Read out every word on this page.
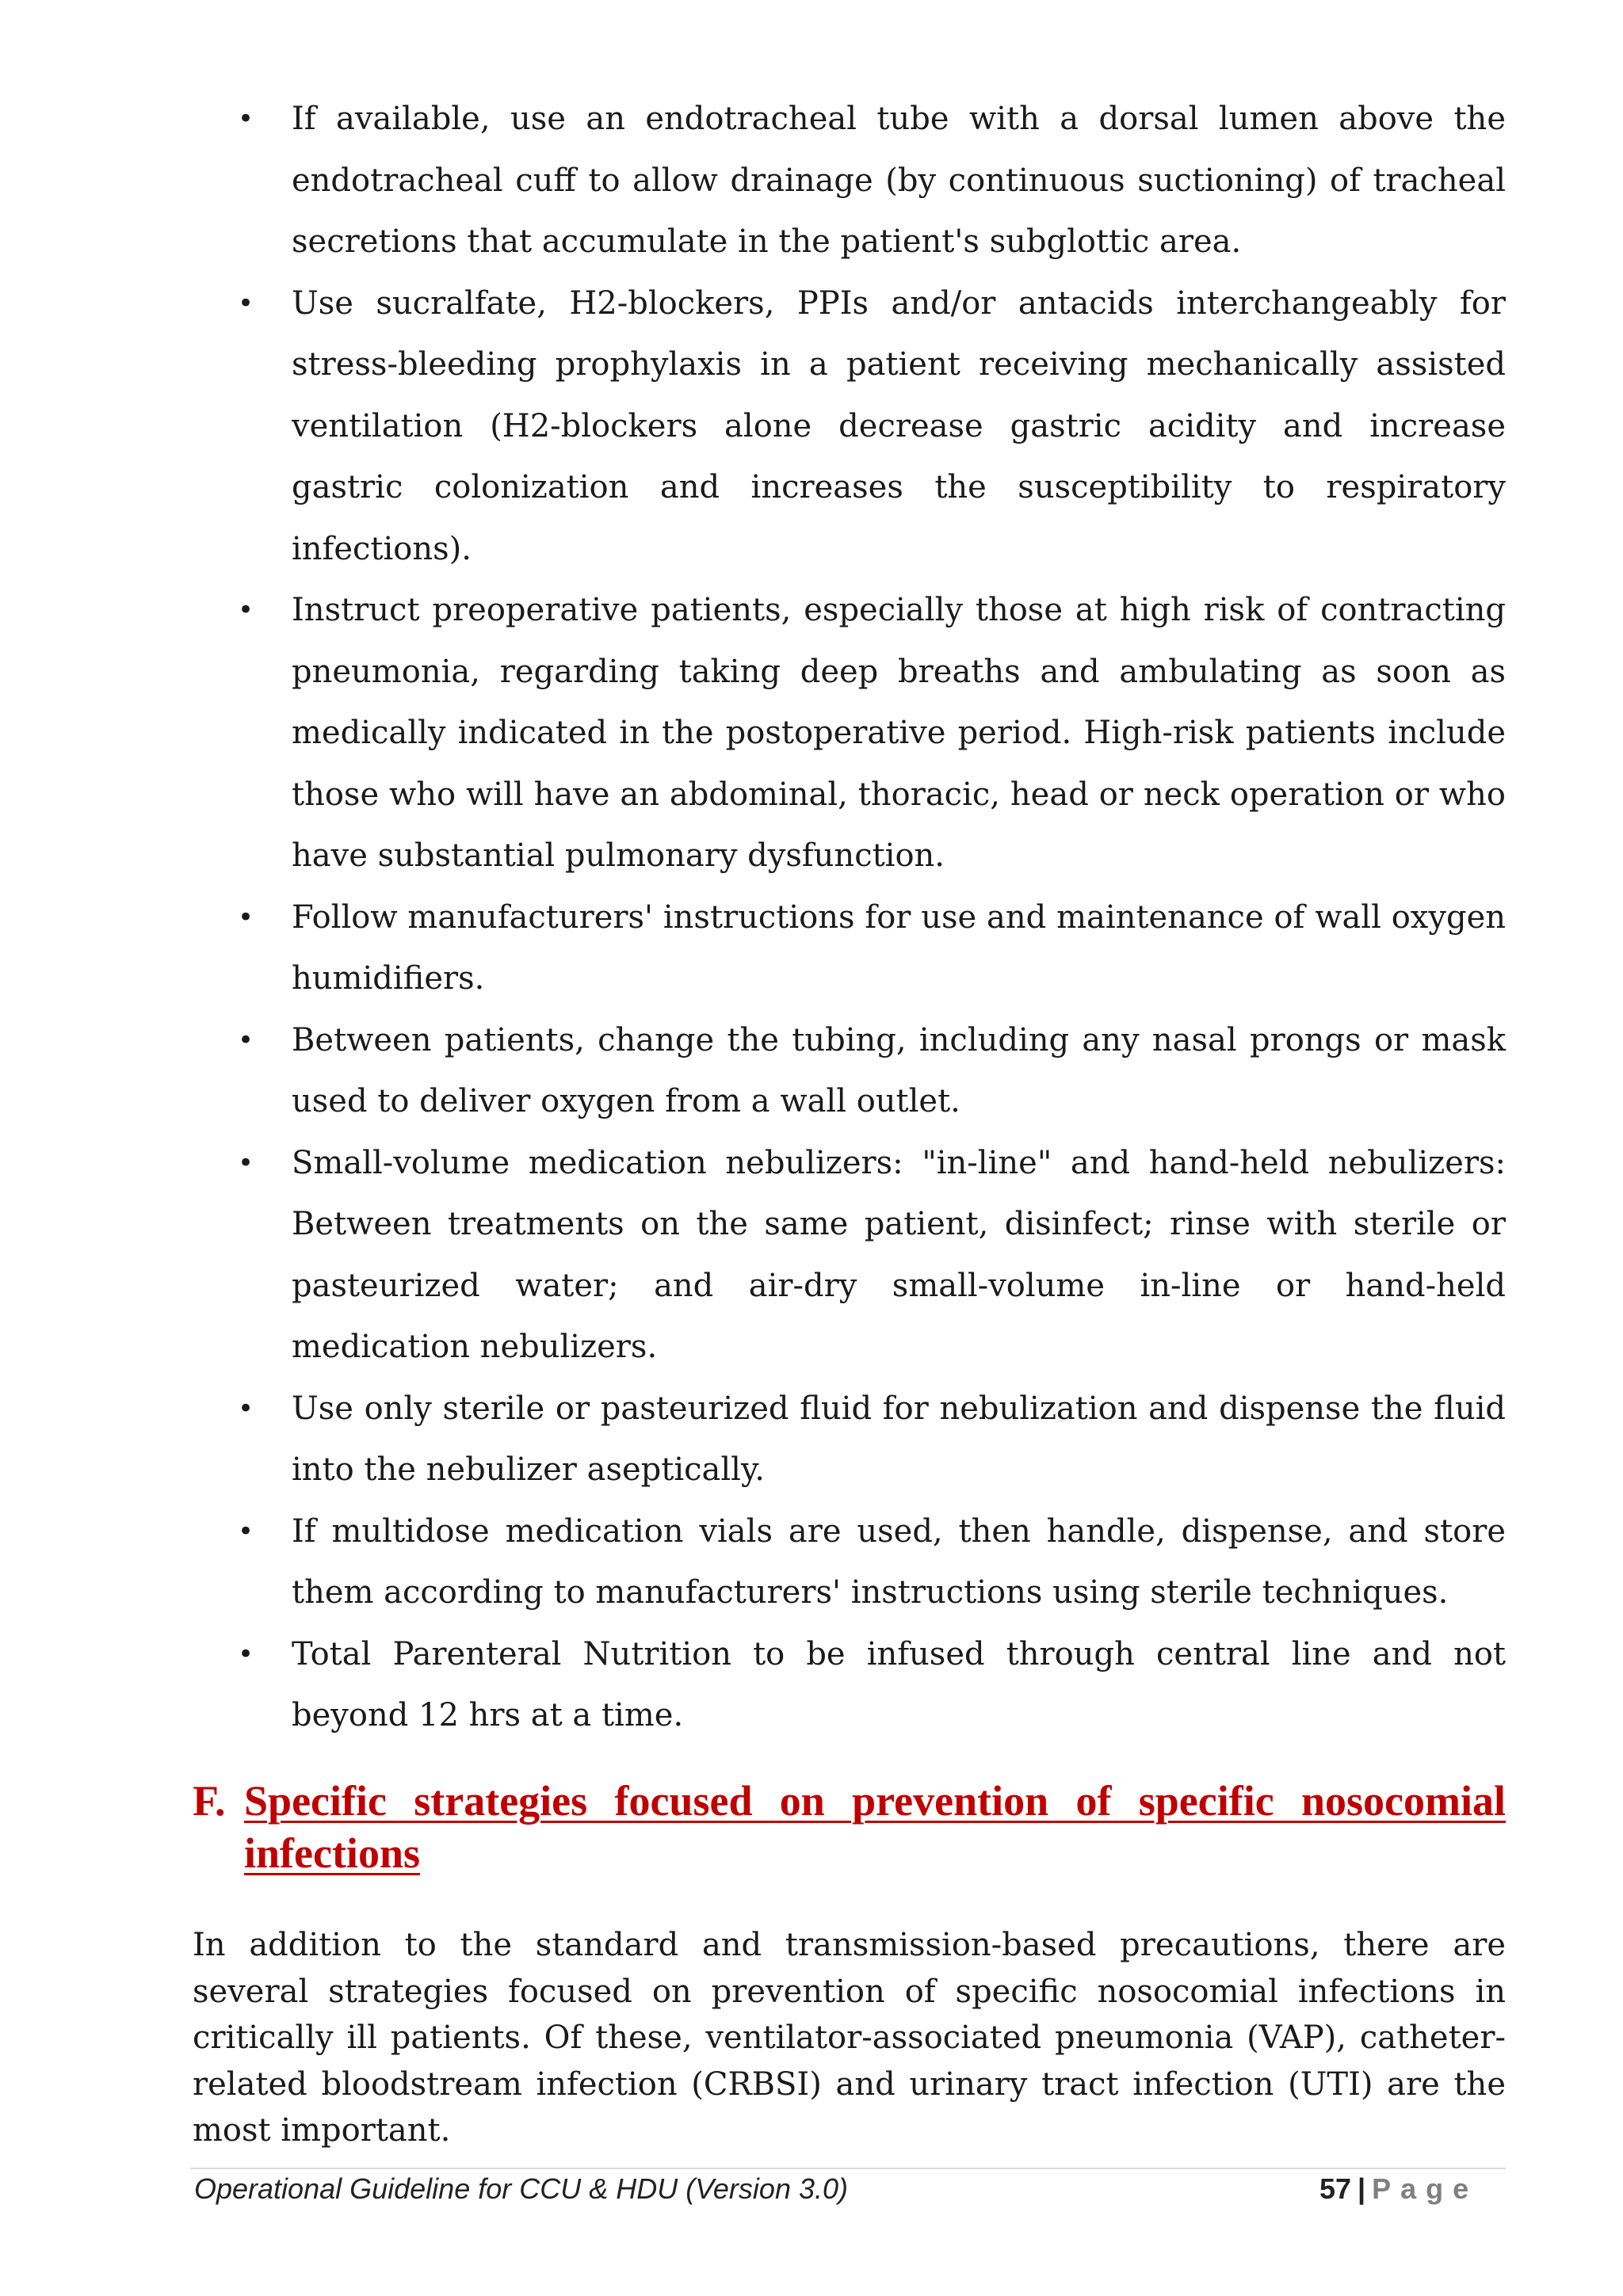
• If available, use an endotracheal tube with a dorsal lumen above the endotracheal cuff to allow drainage (by continuous suctioning) of tracheal secretions that accumulate in the patient's subglottic area.
• Use sucralfate, H2-blockers, PPIs and/or antacids interchangeably for stress-bleeding prophylaxis in a patient receiving mechanically assisted ventilation (H2-blockers alone decrease gastric acidity and increase gastric colonization and increases the susceptibility to respiratory infections).
• Instruct preoperative patients, especially those at high risk of contracting pneumonia, regarding taking deep breaths and ambulating as soon as medically indicated in the postoperative period. High-risk patients include those who will have an abdominal, thoracic, head or neck operation or who have substantial pulmonary dysfunction.
• Follow manufacturers' instructions for use and maintenance of wall oxygen humidifiers.
• Between patients, change the tubing, including any nasal prongs or mask used to deliver oxygen from a wall outlet.
• Small-volume medication nebulizers: "in-line" and hand-held nebulizers: Between treatments on the same patient, disinfect; rinse with sterile or pasteurized water; and air-dry small-volume in-line or hand-held medication nebulizers.
• Use only sterile or pasteurized fluid for nebulization and dispense the fluid into the nebulizer aseptically.
• If multidose medication vials are used, then handle, dispense, and store them according to manufacturers' instructions using sterile techniques.
• Total Parenteral Nutrition to be infused through central line and not beyond 12 hrs at a time.
F. Specific strategies focused on prevention of specific nosocomial infections

In addition to the standard and transmission-based precautions, there are several strategies focused on prevention of specific nosocomial infections in critically ill patients. Of these, ventilator-associated pneumonia (VAP), catheter-related bloodstream infection (CRBSI) and urinary tract infection (UTI) are the most important.

Operational Guideline for CCU & HDU (Version 3.0)	57 | Page
